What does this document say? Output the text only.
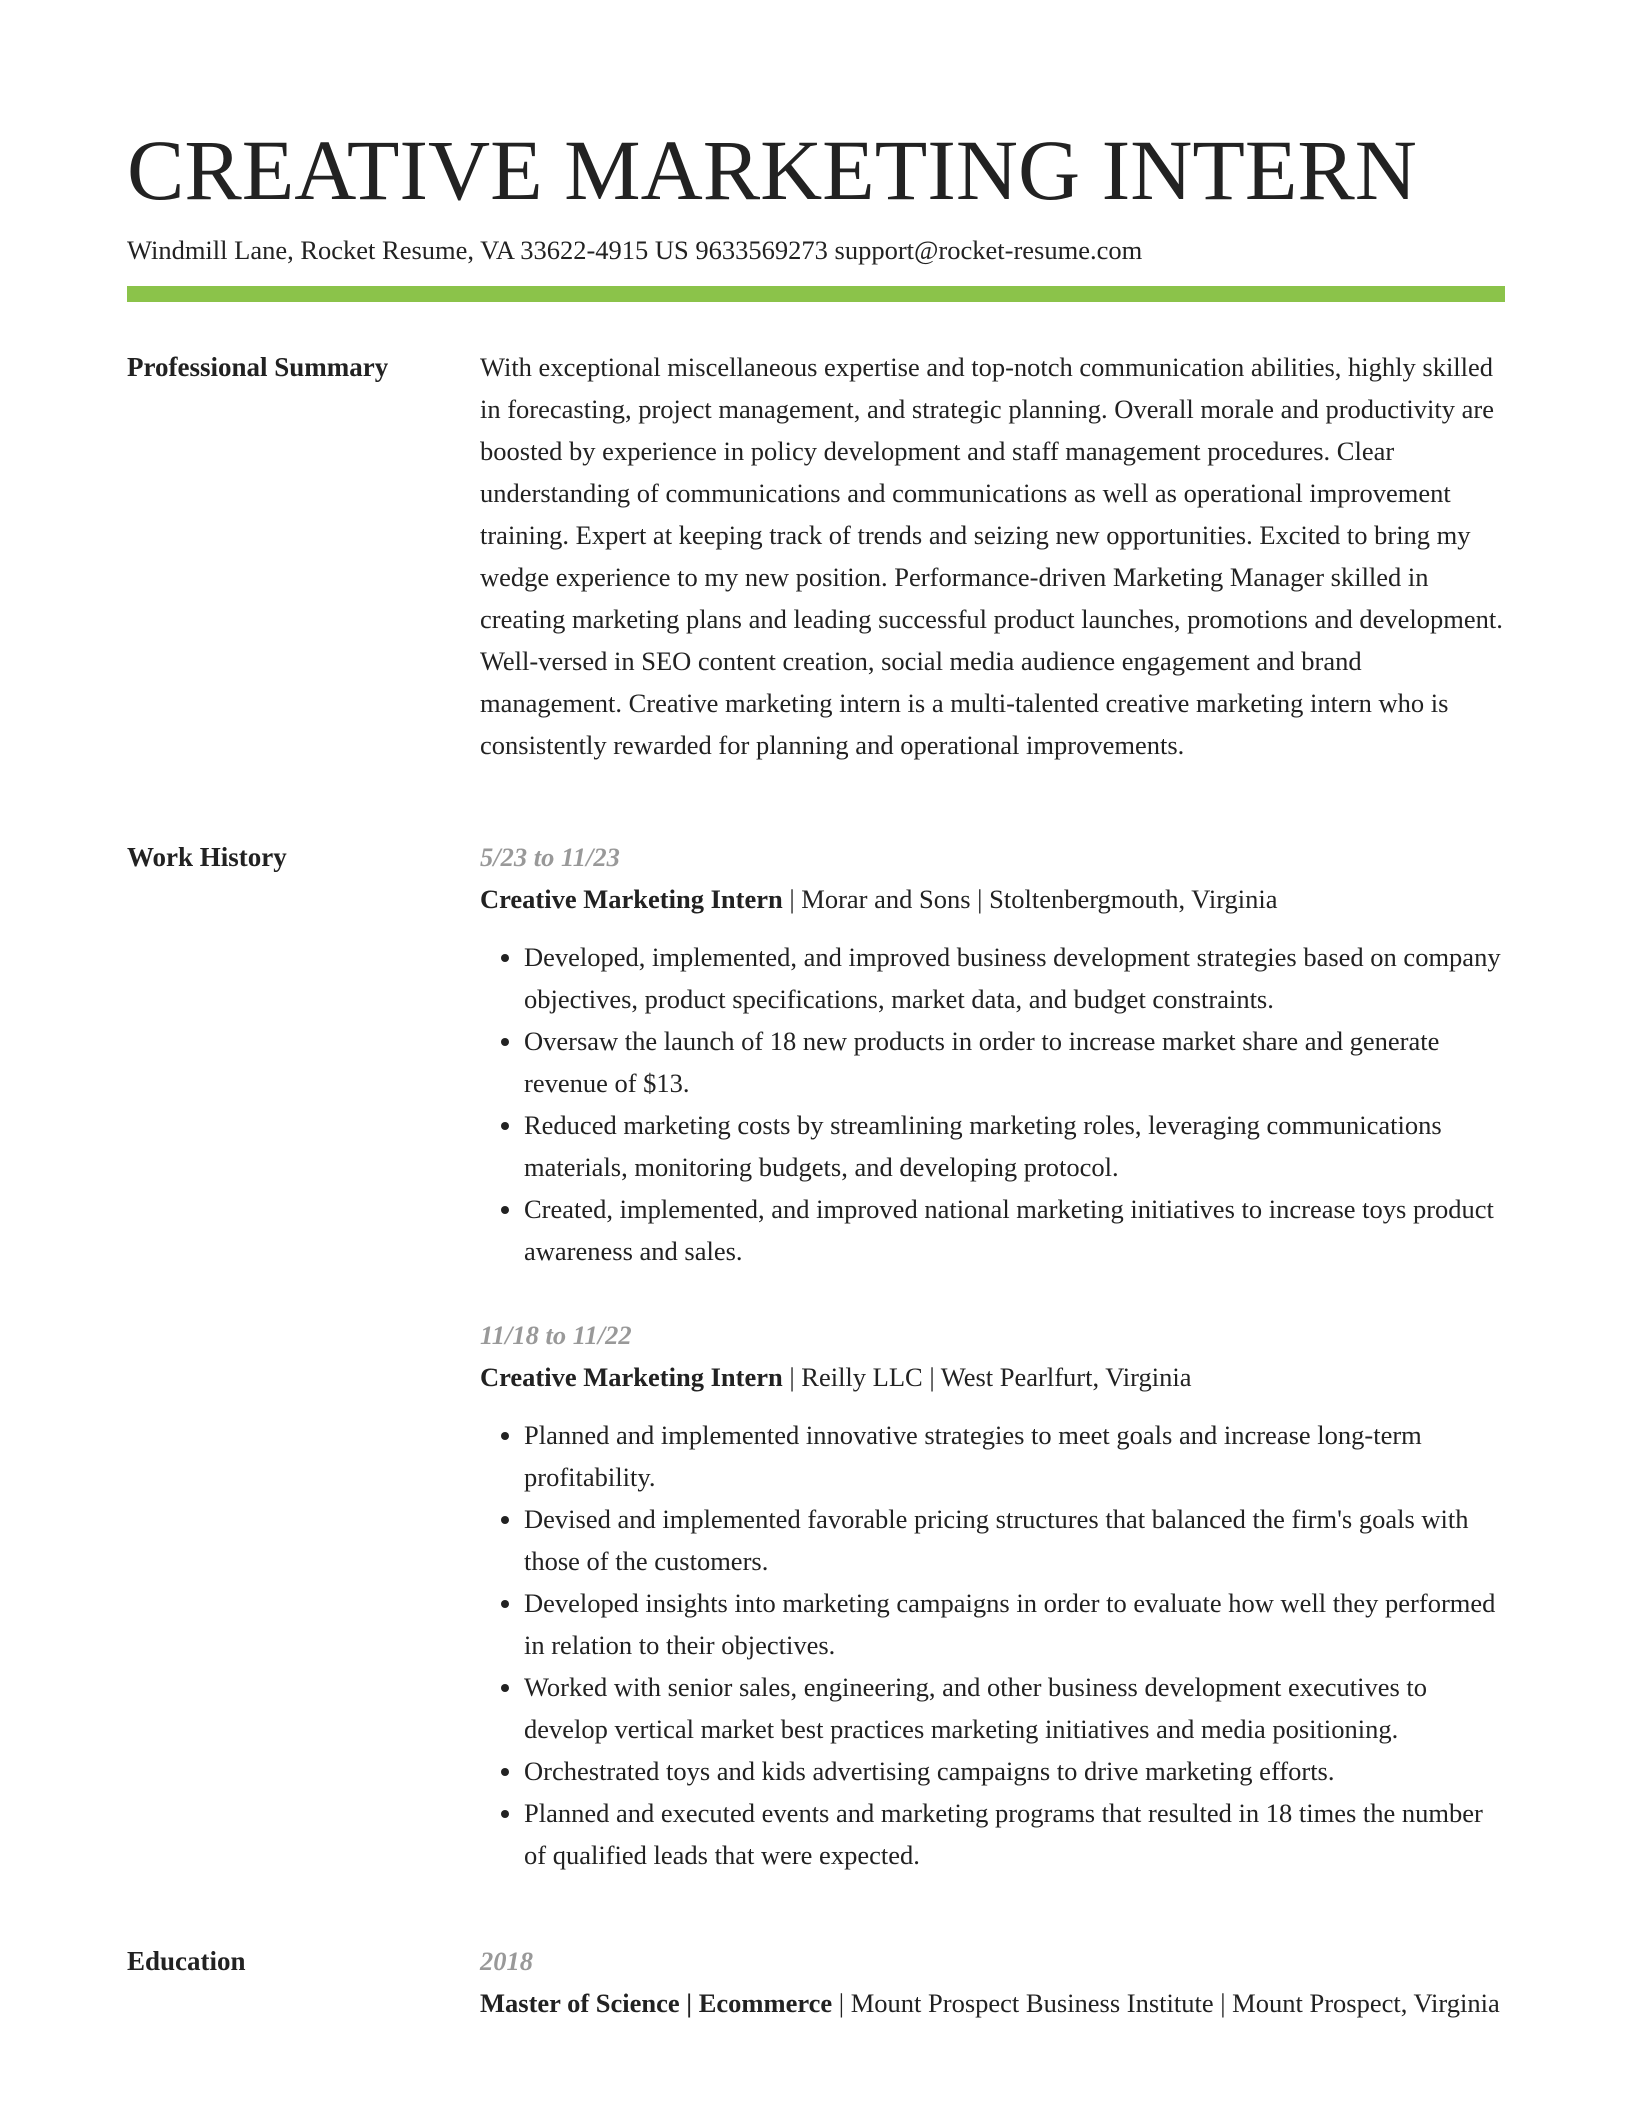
CREATIVE MARKETING INTERN
Windmill Lane, Rocket Resume, VA 33622-4915 US 9633569273 support@rocket-resume.com
Professional Summary	With exceptional miscellaneous expertise and top-notch communication abilities, highly skilled in forecasting, project management, and strategic planning. Overall morale and productivity are boosted by experience in policy development and staff management procedures. Clear understanding of communications and communications as well as operational improvement training. Expert at keeping track of trends and seizing new opportunities. Excited to bring my wedge experience to my new position. Performance-driven Marketing Manager skilled in creating marketing plans and leading successful product launches, promotions and development. Well-versed in SEO content creation, social media audience engagement and brand management. Creative marketing intern is a multi-talented creative marketing intern who is consistently rewarded for planning and operational improvements.

Work History	5/23 to 11/23
Creative Marketing Intern | Morar and Sons | Stoltenbergmouth, Virginia
• Developed, implemented, and improved business development strategies based on company objectives, product specifications, market data, and budget constraints.
• Oversaw the launch of 18 new products in order to increase market share and generate revenue of $13.
• Reduced marketing costs by streamlining marketing roles, leveraging communications materials, monitoring budgets, and developing protocol.
• Created, implemented, and improved national marketing initiatives to increase toys product awareness and sales.
11/18 to 11/22
Creative Marketing Intern | Reilly LLC | West Pearlfurt, Virginia
• Planned and implemented innovative strategies to meet goals and increase long-term profitability.
• Devised and implemented favorable pricing structures that balanced the firm's goals with those of the customers.
• Developed insights into marketing campaigns in order to evaluate how well they performed in relation to their objectives.
• Worked with senior sales, engineering, and other business development executives to develop vertical market best practices marketing initiatives and media positioning.
• Orchestrated toys and kids advertising campaigns to drive marketing efforts.
• Planned and executed events and marketing programs that resulted in 18 times the number of qualified leads that were expected.
Education	2018
Master of Science | Ecommerce | Mount Prospect Business Institute | Mount Prospect, Virginia
